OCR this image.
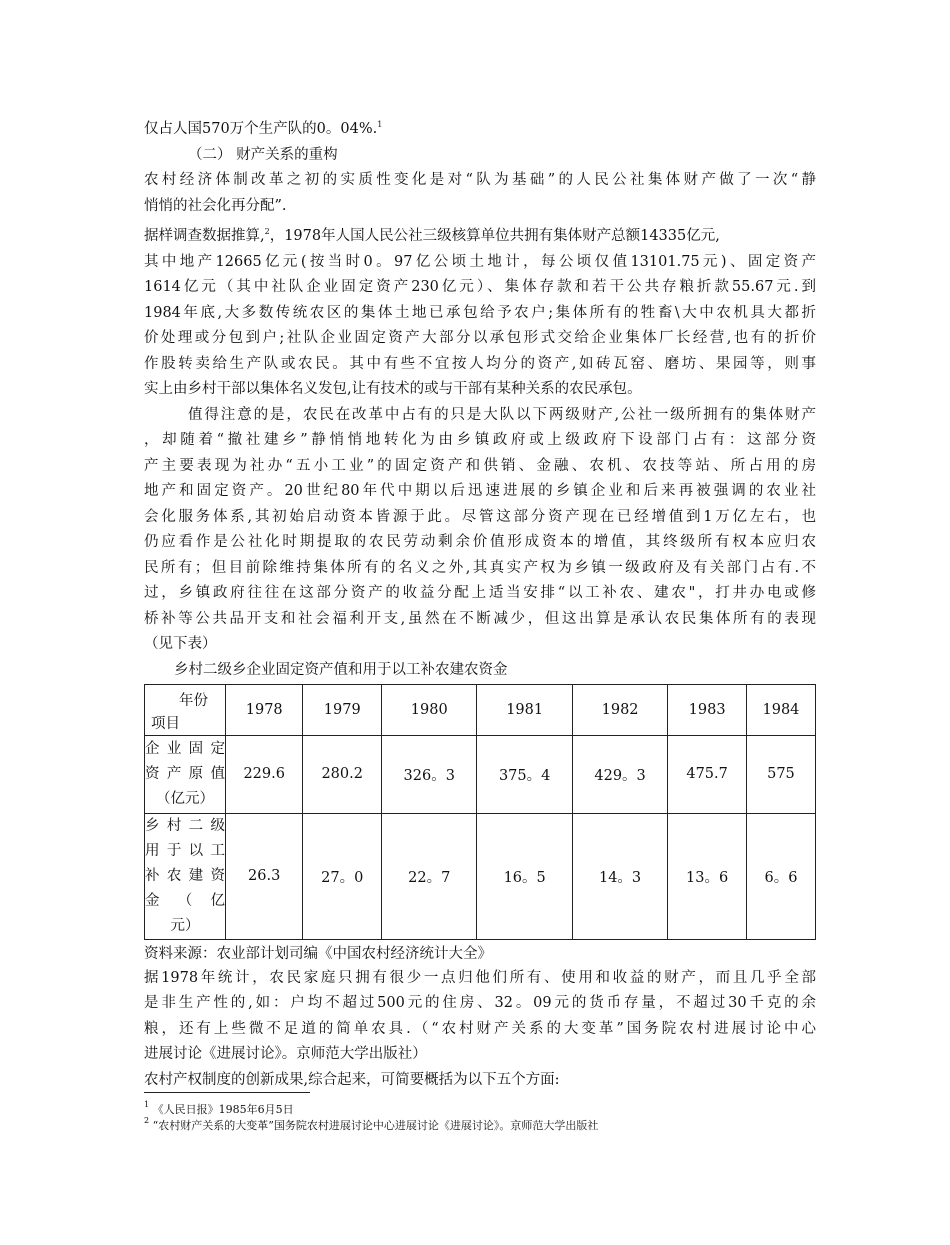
仅占人国570万个生产队的0。04%.$^1$
（二） 财产关系的重构
农村经济体制改革之初的实质性变化是对“队为基础”的人民公社集体财产做了一次“静
悄悄的社会化再分配”.
据样调查数据推算,$^2$，1978年人国人民公社三级核算单位共拥有集体财产总额14335亿元,
其中地产12665亿元(按当时0。97亿公顷土地计，每公顷仅值13101.75元)、固定资产
1614亿元（其中社队企业固定资产230亿元）、集体存款和若干公共存粮折款55.67元.到
1984年底,大多数传统农区的集体土地已承包给予农户;集体所有的牲畜\大中农机具大都折
价处理或分包到户;社队企业固定资产大部分以承包形式交给企业集体厂长经营,也有的折价
作股转卖给生产队或农民。其中有些不宜按人均分的资产,如砖瓦窑、磨坊、果园等，则事
实上由乡村干部以集体名义发包,让有技术的或与干部有某种关系的农民承包。
值得注意的是，农民在改革中占有的只是大队以下两级财产,公社一级所拥有的集体财产
，却随着“撤社建乡”静悄悄地转化为由乡镇政府或上级政府下设部门占有：这部分资
产主要表现为社办“五小工业”的固定资产和供销、金融、农机、农技等站、所占用的房
地产和固定资产。20世纪80年代中期以后迅速进展的乡镇企业和后来再被强调的农业社
会化服务体系,其初始启动资本皆源于此。尽管这部分资产现在已经增值到1万亿左右，也
仍应看作是公社化时期提取的农民劳动剩余价值形成资本的增值，其终级所有权本应归农
民所有；但目前除维持集体所有的名义之外,其真实产权为乡镇一级政府及有关部门占有.不
过，乡镇政府往往在这部分资产的收益分配上适当安排“以工补农、建农"，打井办电或修
桥补等公共品开支和社会福利开支,虽然在不断减少，但这出算是承认农民集体所有的表现
（见下表）
乡村二级乡企业固定资产值和用于以工补农建农资金
年份
项目	1978	1979	1980	1981	1982	1983	1984

企业固定
资产原值
（亿元）	229.6	280.2	326。3	375。4	429。3	475.7	575

乡村二级
用于以工
补农建资
金（亿
元）	26.3	27。0	22。7	16。5	14。3	13。6	6。6
资料来源：农业部计划司编《中国农村经济统计大全》
据1978年统计，农民家庭只拥有很少一点归他们所有、使用和收益的财产，而且几乎全部
是非生产性的,如：户均不超过500元的住房、32。09元的货币存量，不超过30千克的余
粮，还有上些微不足道的简单农具.（“农村财产关系的大变革”国务院农村进展讨论中心
进展讨论《进展讨论》。京师范大学出版社）
农村产权制度的创新成果,综合起来，可简要概括为以下五个方面:
$^1$ 《人民日报》1985年6月5日
$^2$ “农村财产关系的大变革”国务院农村进展讨论中心进展讨论《进展讨论》。京师范大学出版社
